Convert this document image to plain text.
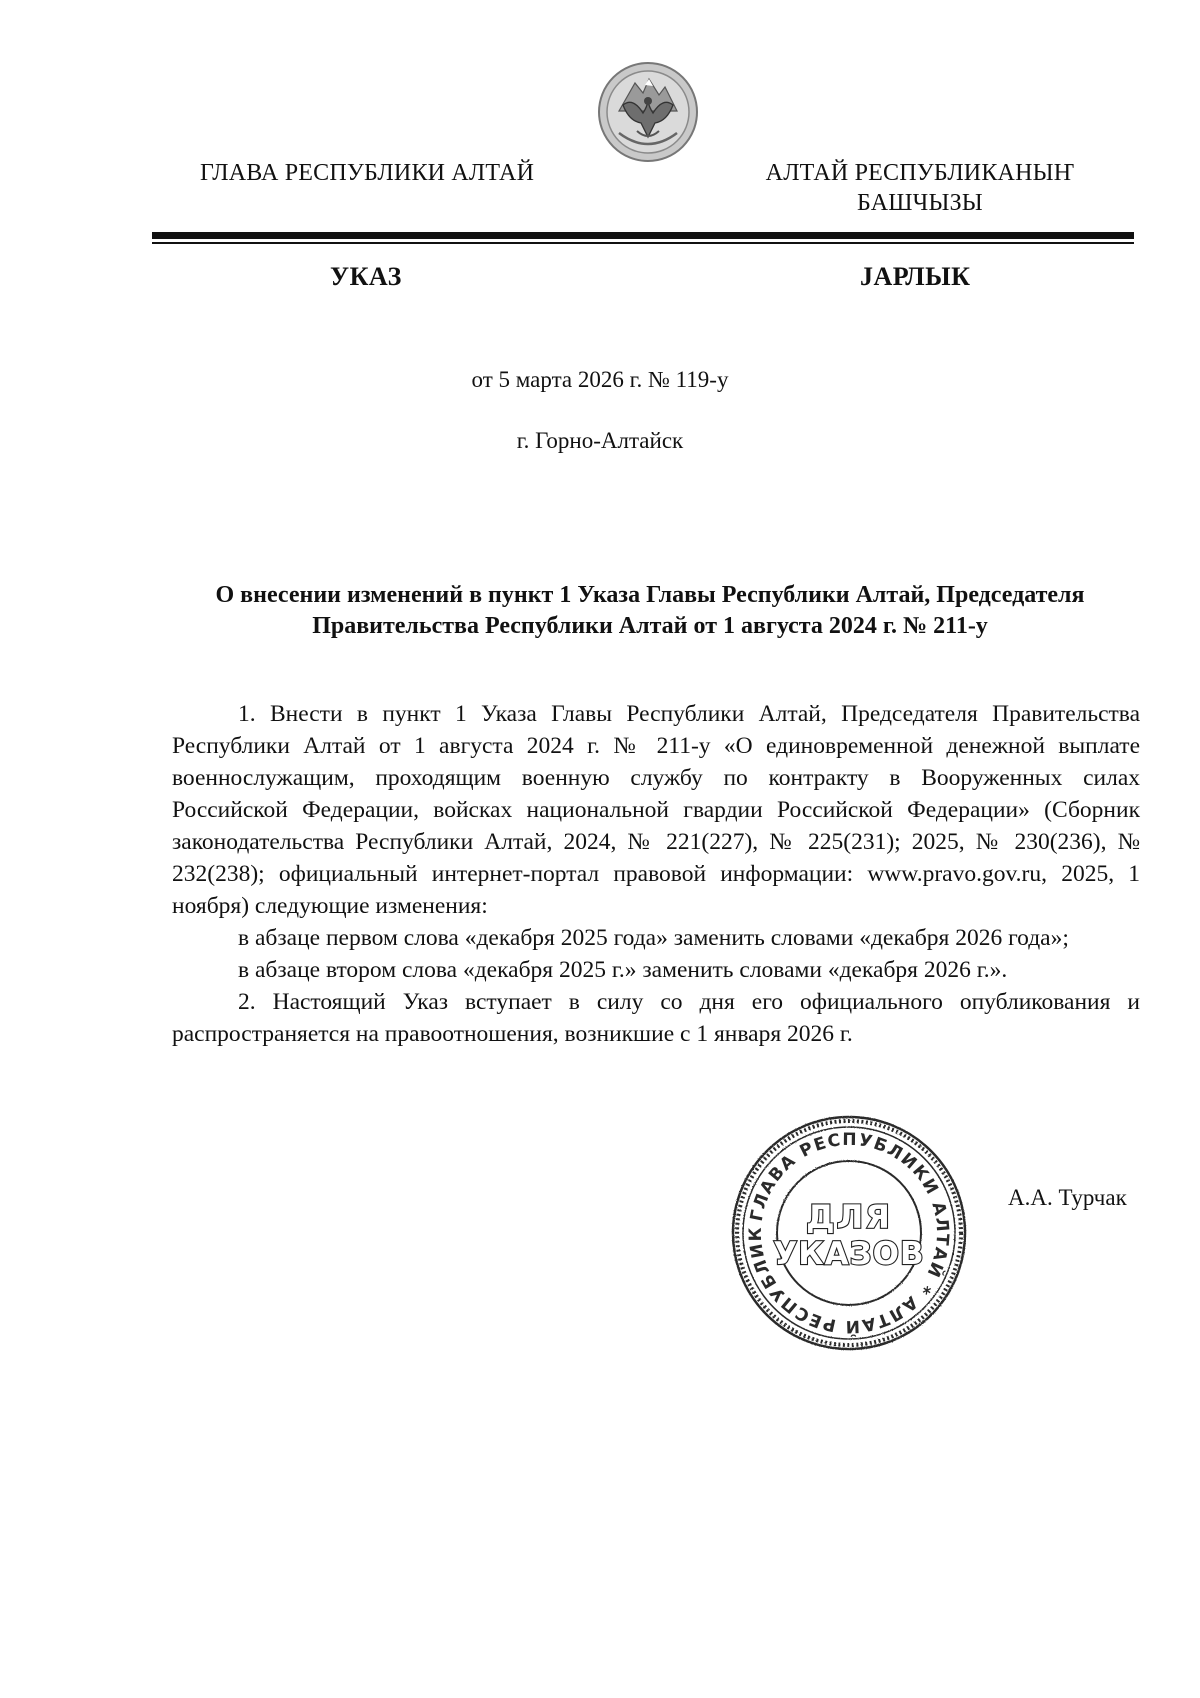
ГЛАВА РЕСПУБЛИКИ АЛТАЙ	АЛТАЙ РЕСПУБЛИКАНЫҤ
БАШЧЫЗЫ
УКАЗ	ЈАРЛЫК
от 5 марта 2026 г. № 119-у
г. Горно-Алтайск
О внесении изменений в пункт 1 Указа Главы Республики Алтай, Председателя
Правительства Республики Алтай от 1 августа 2024 г. № 211-у

1. Внести в пункт 1 Указа Главы Республики Алтай, Председателя Правительства Республики Алтай от 1 августа 2024 г. № 211-у «О единовременной денежной выплате военнослужащим, проходящим военную службу по контракту в Вооруженных силах Российской Федерации, войсках национальной гвардии Российской Федерации» (Сборник законодательства Республики Алтай, 2024, № 221(227), № 225(231); 2025, № 230(236), № 232(238); официальный интернет-портал правовой информации: www.pravo.gov.ru, 2025, 1 ноября) следующие изменения:

в абзаце первом слова «декабря 2025 года» заменить словами «декабря 2026 года»;

в абзаце втором слова «декабря 2025 г.» заменить словами «декабря 2026 г.».

2. Настоящий Указ вступает в силу со дня его официального опубликования и распространяется на правоотношения, возникшие с 1 января 2026 г.

ГЛАВА РЕСПУБЛИКИ АЛТАЙ * АЛТАЙ РЕСПУБЛИК	ДЛЯ
УКАЗОВ
А.А. Турчак
